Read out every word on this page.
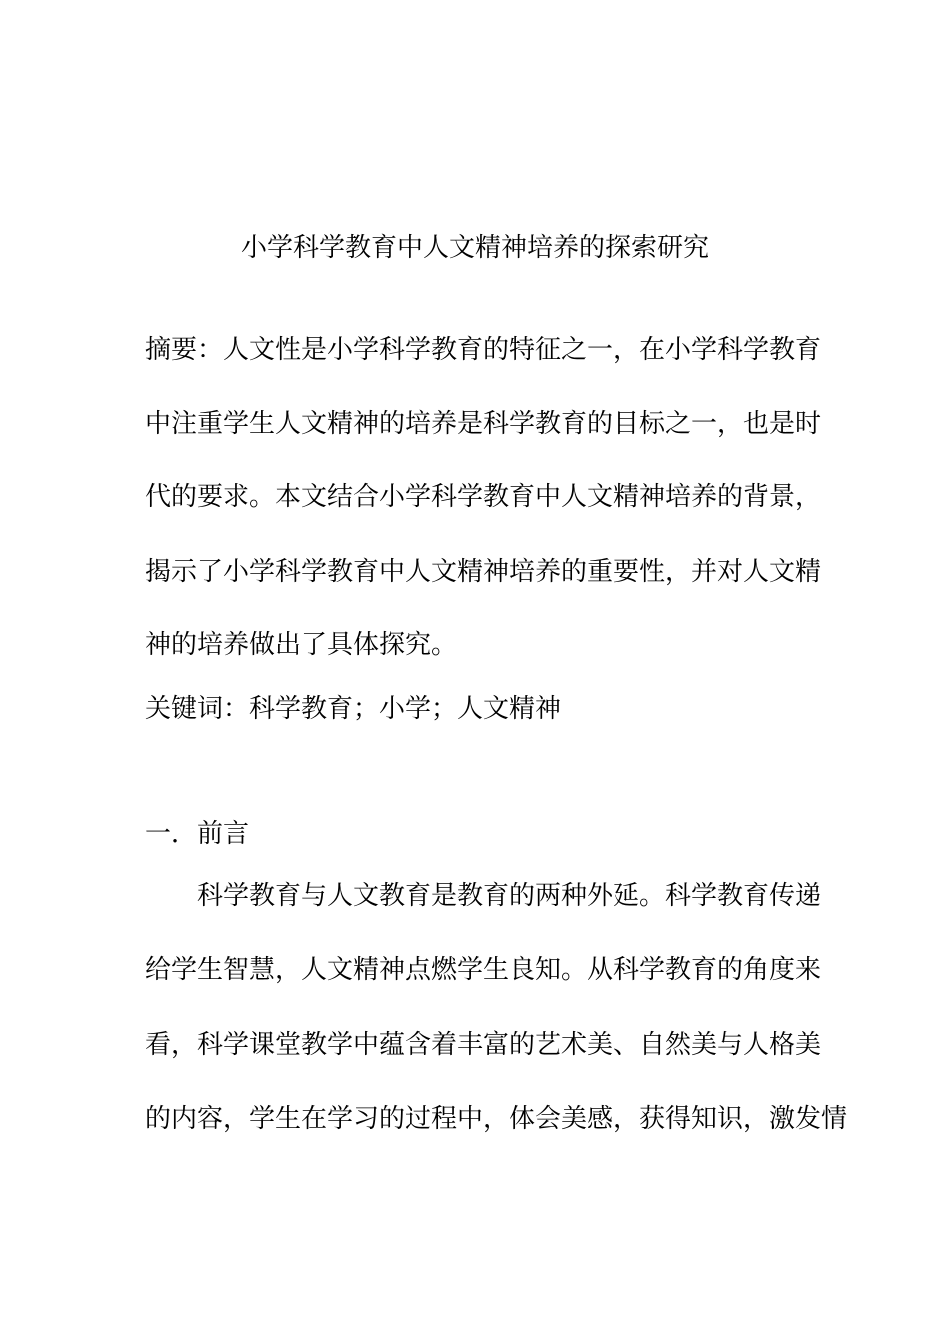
小学科学教育中人文精神培养的探索研究
摘要：人文性是小学科学教育的特征之一，在小学科学教育
中注重学生人文精神的培养是科学教育的目标之一，也是时
代的要求。本文结合小学科学教育中人文精神培养的背景，
揭示了小学科学教育中人文精神培养的重要性，并对人文精
神的培养做出了具体探究。
关键词：科学教育；小学；人文精神
一．前言
科学教育与人文教育是教育的两种外延。科学教育传递
给学生智慧，人文精神点燃学生良知。从科学教育的角度来
看，科学课堂教学中蕴含着丰富的艺术美、自然美与人格美
的内容，学生在学习的过程中，体会美感，获得知识，激发情
